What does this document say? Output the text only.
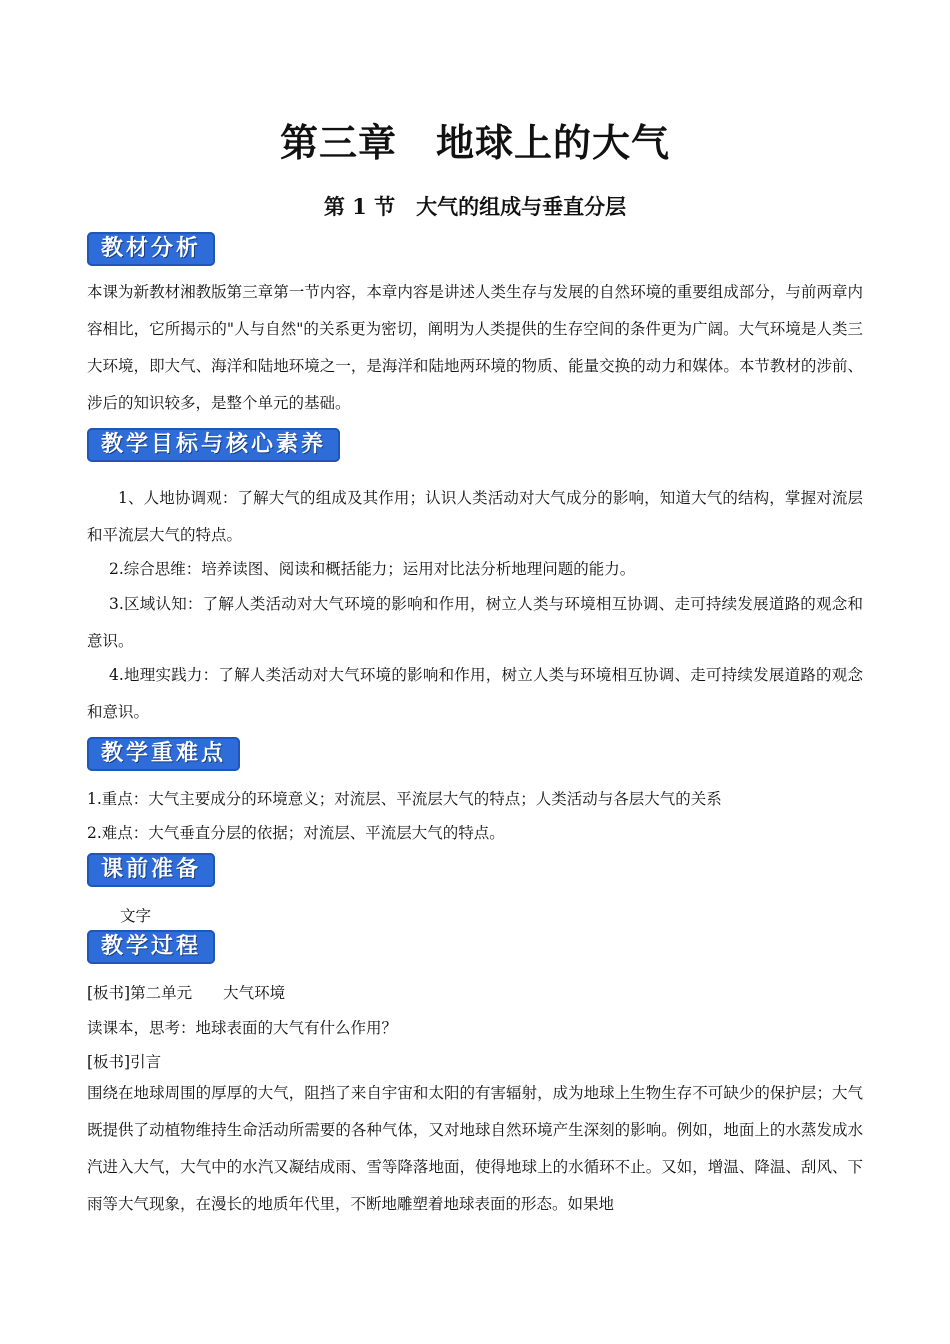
第三章　地球上的大气
第 1 节　大气的组成与垂直分层
教材分析
本课为新教材湘教版第三章第一节内容，本章内容是讲述人类生存与发展的自然环境的重要组成部分，与前两章内容相比，它所揭示的"人与自然"的关系更为密切，阐明为人类提供的生存空间的条件更为广阔。大气环境是人类三大环境，即大气、海洋和陆地环境之一，是海洋和陆地两环境的物质、能量交换的动力和媒体。本节教材的涉前、涉后的知识较多，是整个单元的基础。
教学目标与核心素养
1、人地协调观：了解大气的组成及其作用；认识人类活动对大气成分的影响，知道大气的结构，掌握对流层和平流层大气的特点。
2.综合思维：培养读图、阅读和概括能力；运用对比法分析地理问题的能力。
3.区域认知：了解人类活动对大气环境的影响和作用，树立人类与环境相互协调、走可持续发展道路的观念和意识。
4.地理实践力：了解人类活动对大气环境的影响和作用，树立人类与环境相互协调、走可持续发展道路的观念和意识。
教学重难点
1.重点：大气主要成分的环境意义；对流层、平流层大气的特点；人类活动与各层大气的关系
2.难点：大气垂直分层的依据；对流层、平流层大气的特点。
课前准备
文字
教学过程
[板书]第二单元　　大气环境
读课本，思考：地球表面的大气有什么作用？
[板书]引言
围绕在地球周围的厚厚的大气，阻挡了来自宇宙和太阳的有害辐射，成为地球上生物生存不可缺少的保护层；大气既提供了动植物维持生命活动所需要的各种气体，又对地球自然环境产生深刻的影响。例如，地面上的水蒸发成水汽进入大气，大气中的水汽又凝结成雨、雪等降落地面，使得地球上的水循环不止。又如，增温、降温、刮风、下雨等大气现象，在漫长的地质年代里，不断地雕塑着地球表面的形态。如果地
